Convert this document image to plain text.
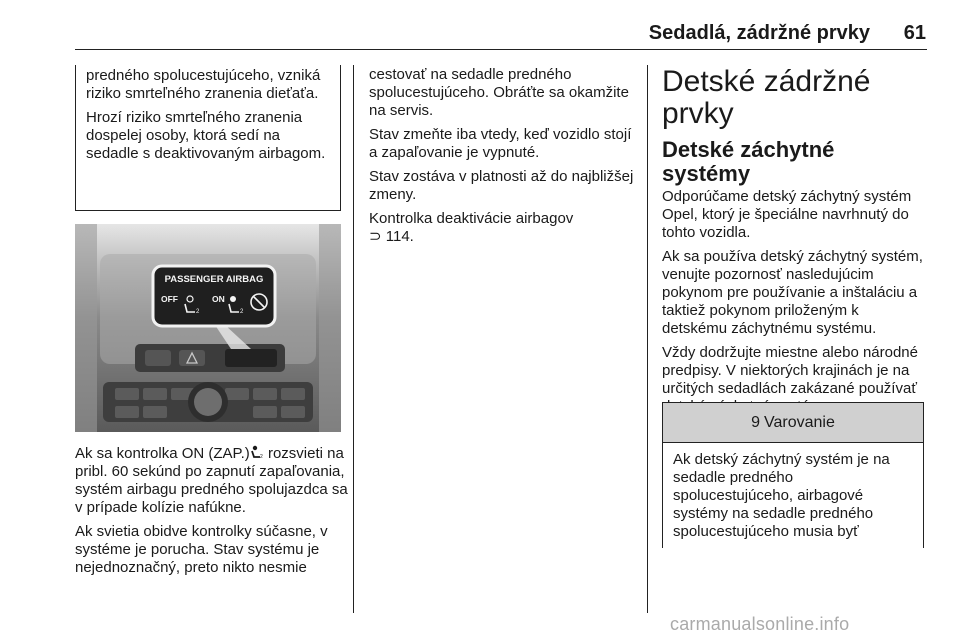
Sedadlá, zádržné prvky 61

predného spolucestujúceho, vzniká riziko smrteľného zranenia dieťaťa.

Hrozí riziko smrteľného zranenia dospelej osoby, ktorá sedí na sedadle s deaktivovaným airbagom.

PASSENGER AIRBAG
OFF
2
ON
2

Ak sa kontrolka ON (ZAP.) 2 rozsvieti na pribl. 60 sekúnd po zapnutí zapaľovania, systém airbagu predného spolujazdca sa v prípade kolízie nafúkne.

Ak svietia obidve kontrolky súčasne, v systéme je porucha. Stav systému je nejednoznačný, preto nikto nesmie

cestovať na sedadle predného spolucestujúceho. Obráťte sa okamžite na servis.

Stav zmeňte iba vtedy, keď vozidlo stojí a zapaľovanie je vypnuté.

Stav zostáva v platnosti až do najbližšej zmeny.

Kontrolka deaktivácie airbagov
⊃ 114.

Detské zádržné prvky
Detské záchytné systémy

Odporúčame detský záchytný systém Opel, ktorý je špeciálne navrhnutý do tohto vozidla.

Ak sa používa detský záchytný systém, venujte pozornosť nasledujúcim pokynom pre používanie a inštaláciu a taktiež pokynom priloženým k detskému záchytnému systému.

Vždy dodržujte miestne alebo národné predpisy. V niektorých krajinách je na určitých sedadlách zakázané používať

9 Varovanie
Ak detský záchytný systém je na sedadle predného spolucestujúceho, airbagové systémy na sedadle predného spolucestujúceho musia byť
carmanualsonline.info
